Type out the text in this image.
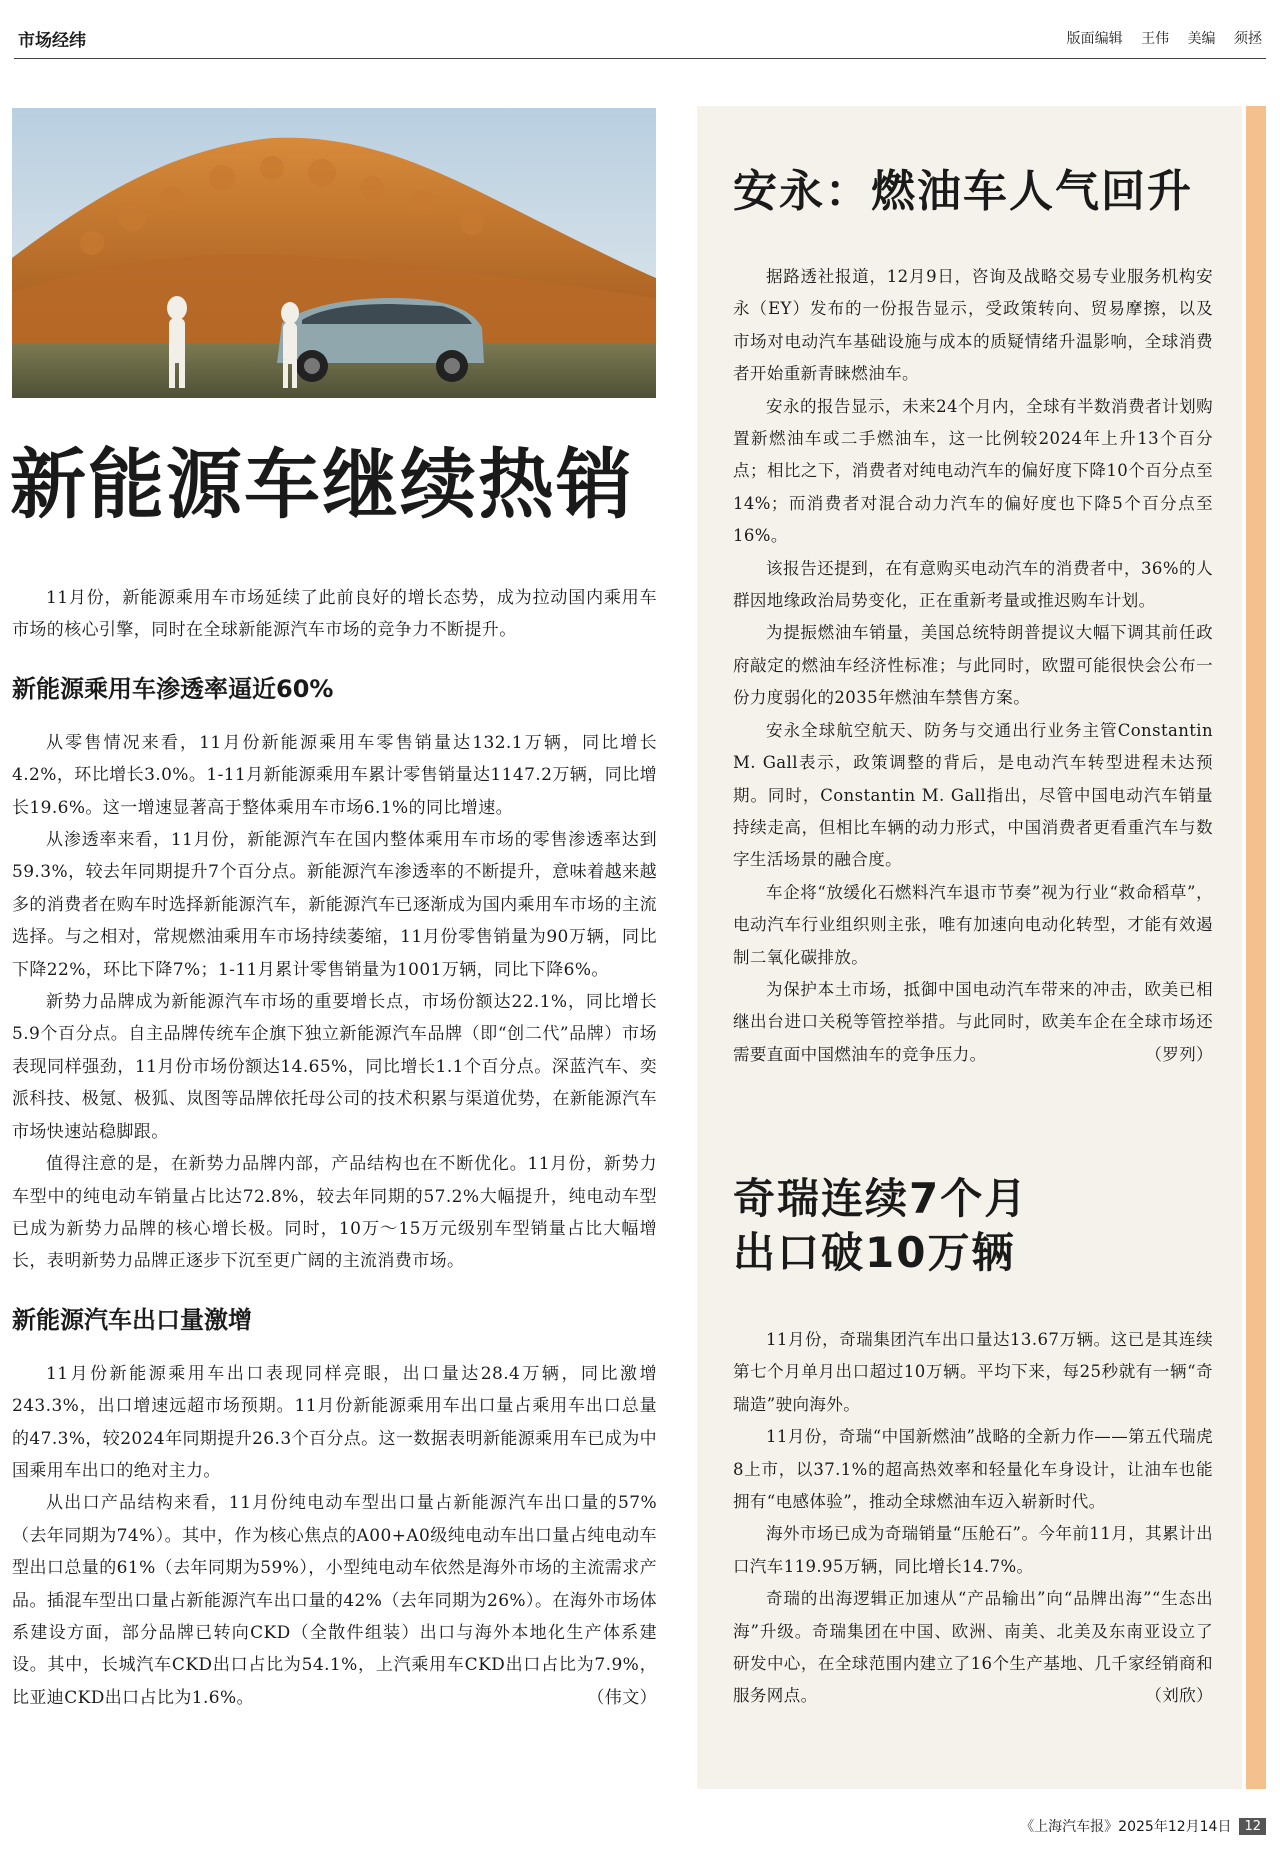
市场经纬	版面编辑 王伟 美编 须拯
新能源车继续热销

11月份，新能源乘用车市场延续了此前良好的增长态势，成为拉动国内乘用车市场的核心引擎，同时在全球新能源汽车市场的竞争力不断提升。

新能源乘用车渗透率逼近60%

从零售情况来看，11月份新能源乘用车零售销量达132.1万辆，同比增长4.2%，环比增长3.0%。1-11月新能源乘用车累计零售销量达1147.2万辆，同比增长19.6%。这一增速显著高于整体乘用车市场6.1%的同比增速。

从渗透率来看，11月份，新能源汽车在国内整体乘用车市场的零售渗透率达到59.3%，较去年同期提升7个百分点。新能源汽车渗透率的不断提升，意味着越来越多的消费者在购车时选择新能源汽车，新能源汽车已逐渐成为国内乘用车市场的主流选择。与之相对，常规燃油乘用车市场持续萎缩，11月份零售销量为90万辆，同比下降22%，环比下降7%；1-11月累计零售销量为1001万辆，同比下降6%。

新势力品牌成为新能源汽车市场的重要增长点，市场份额达22.1%，同比增长5.9个百分点。自主品牌传统车企旗下独立新能源汽车品牌（即“创二代”品牌）市场表现同样强劲，11月份市场份额达14.65%，同比增长1.1个百分点。深蓝汽车、奕派科技、极氪、极狐、岚图等品牌依托母公司的技术积累与渠道优势，在新能源汽车市场快速站稳脚跟。

值得注意的是，在新势力品牌内部，产品结构也在不断优化。11月份，新势力车型中的纯电动车销量占比达72.8%，较去年同期的57.2%大幅提升，纯电动车型已成为新势力品牌的核心增长极。同时，10万～15万元级别车型销量占比大幅增长，表明新势力品牌正逐步下沉至更广阔的主流消费市场。

新能源汽车出口量激增

11月份新能源乘用车出口表现同样亮眼，出口量达28.4万辆，同比激增243.3%，出口增速远超市场预期。11月份新能源乘用车出口量占乘用车出口总量的47.3%，较2024年同期提升26.3个百分点。这一数据表明新能源乘用车已成为中国乘用车出口的绝对主力。

从出口产品结构来看，11月份纯电动车型出口量占新能源汽车出口量的57%（去年同期为74%）。其中，作为核心焦点的A00+A0级纯电动车出口量占纯电动车型出口总量的61%（去年同期为59%），小型纯电动车依然是海外市场的主流需求产品。插混车型出口量占新能源汽车出口量的42%（去年同期为26%）。在海外市场体系建设方面，部分品牌已转向CKD（全散件组装）出口与海外本地化生产体系建设。其中，长城汽车CKD出口占比为54.1%，上汽乘用车CKD出口占比为7.9%，比亚迪CKD出口占比为1.6%。	（伟文）

安永：燃油车人气回升

据路透社报道，12月9日，咨询及战略交易专业服务机构安永（EY）发布的一份报告显示，受政策转向、贸易摩擦，以及市场对电动汽车基础设施与成本的质疑情绪升温影响，全球消费者开始重新青睐燃油车。

安永的报告显示，未来24个月内，全球有半数消费者计划购置新燃油车或二手燃油车，这一比例较2024年上升13个百分点；相比之下，消费者对纯电动汽车的偏好度下降10个百分点至14%；而消费者对混合动力汽车的偏好度也下降5个百分点至16%。

该报告还提到，在有意购买电动汽车的消费者中，36%的人群因地缘政治局势变化，正在重新考量或推迟购车计划。

为提振燃油车销量，美国总统特朗普提议大幅下调其前任政府敲定的燃油车经济性标准；与此同时，欧盟可能很快会公布一份力度弱化的2035年燃油车禁售方案。

安永全球航空航天、防务与交通出行业务主管Constantin M. Gall表示，政策调整的背后，是电动汽车转型进程未达预期。同时，Constantin M. Gall指出，尽管中国电动汽车销量持续走高，但相比车辆的动力形式，中国消费者更看重汽车与数字生活场景的融合度。

车企将“放缓化石燃料汽车退市节奏”视为行业“救命稻草”，电动汽车行业组织则主张，唯有加速向电动化转型，才能有效遏制二氧化碳排放。

为保护本土市场，抵御中国电动汽车带来的冲击，欧美已相继出台进口关税等管控举措。与此同时，欧美车企在全球市场还需要直面中国燃油车的竞争压力。	（罗列）

奇瑞连续7个月
出口破10万辆

11月份，奇瑞集团汽车出口量达13.67万辆。这已是其连续第七个月单月出口超过10万辆。平均下来，每25秒就有一辆“奇瑞造”驶向海外。

11月份，奇瑞“中国新燃油”战略的全新力作——第五代瑞虎8上市，以37.1%的超高热效率和轻量化车身设计，让油车也能拥有“电感体验”，推动全球燃油车迈入崭新时代。

海外市场已成为奇瑞销量“压舱石”。今年前11月，其累计出口汽车119.95万辆，同比增长14.7%。

奇瑞的出海逻辑正加速从“产品输出”向“品牌出海”“生态出海”升级。奇瑞集团在中国、欧洲、南美、北美及东南亚设立了研发中心，在全球范围内建立了16个生产基地、几千家经销商和服务网点。	（刘欣）

《上海汽车报》2025年12月14日	12
